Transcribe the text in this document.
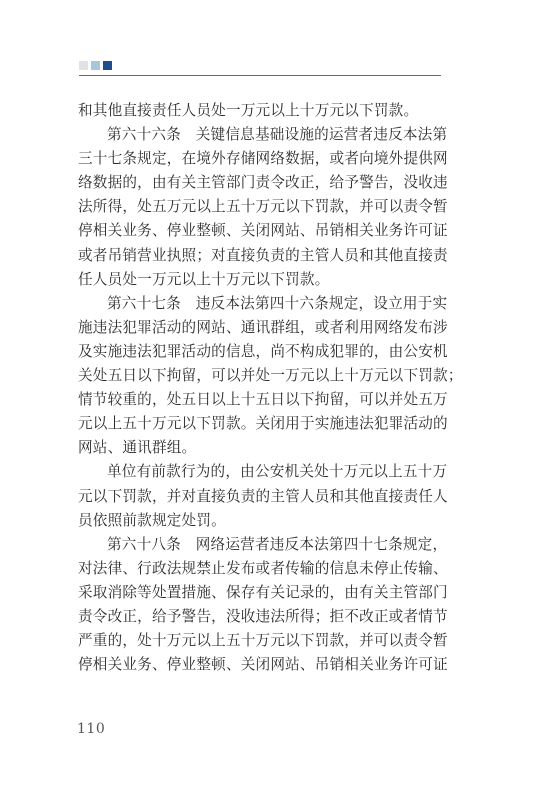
和其他直接责任人员处一万元以上十万元以下罚款。
第六十六条　关键信息基础设施的运营者违反本法第
三十七条规定，在境外存储网络数据，或者向境外提供网
络数据的，由有关主管部门责令改正，给予警告，没收违
法所得，处五万元以上五十万元以下罚款，并可以责令暂
停相关业务、停业整顿、关闭网站、吊销相关业务许可证
或者吊销营业执照；对直接负责的主管人员和其他直接责
任人员处一万元以上十万元以下罚款。
第六十七条　违反本法第四十六条规定，设立用于实
施违法犯罪活动的网站、通讯群组，或者利用网络发布涉
及实施违法犯罪活动的信息，尚不构成犯罪的，由公安机
关处五日以下拘留，可以并处一万元以上十万元以下罚款；
情节较重的，处五日以上十五日以下拘留，可以并处五万
元以上五十万元以下罚款。关闭用于实施违法犯罪活动的
网站、通讯群组。
单位有前款行为的，由公安机关处十万元以上五十万
元以下罚款，并对直接负责的主管人员和其他直接责任人
员依照前款规定处罚。
第六十八条　网络运营者违反本法第四十七条规定，
对法律、行政法规禁止发布或者传输的信息未停止传输、
采取消除等处置措施、保存有关记录的，由有关主管部门
责令改正，给予警告，没收违法所得；拒不改正或者情节
严重的，处十万元以上五十万元以下罚款，并可以责令暂
停相关业务、停业整顿、关闭网站、吊销相关业务许可证
110
